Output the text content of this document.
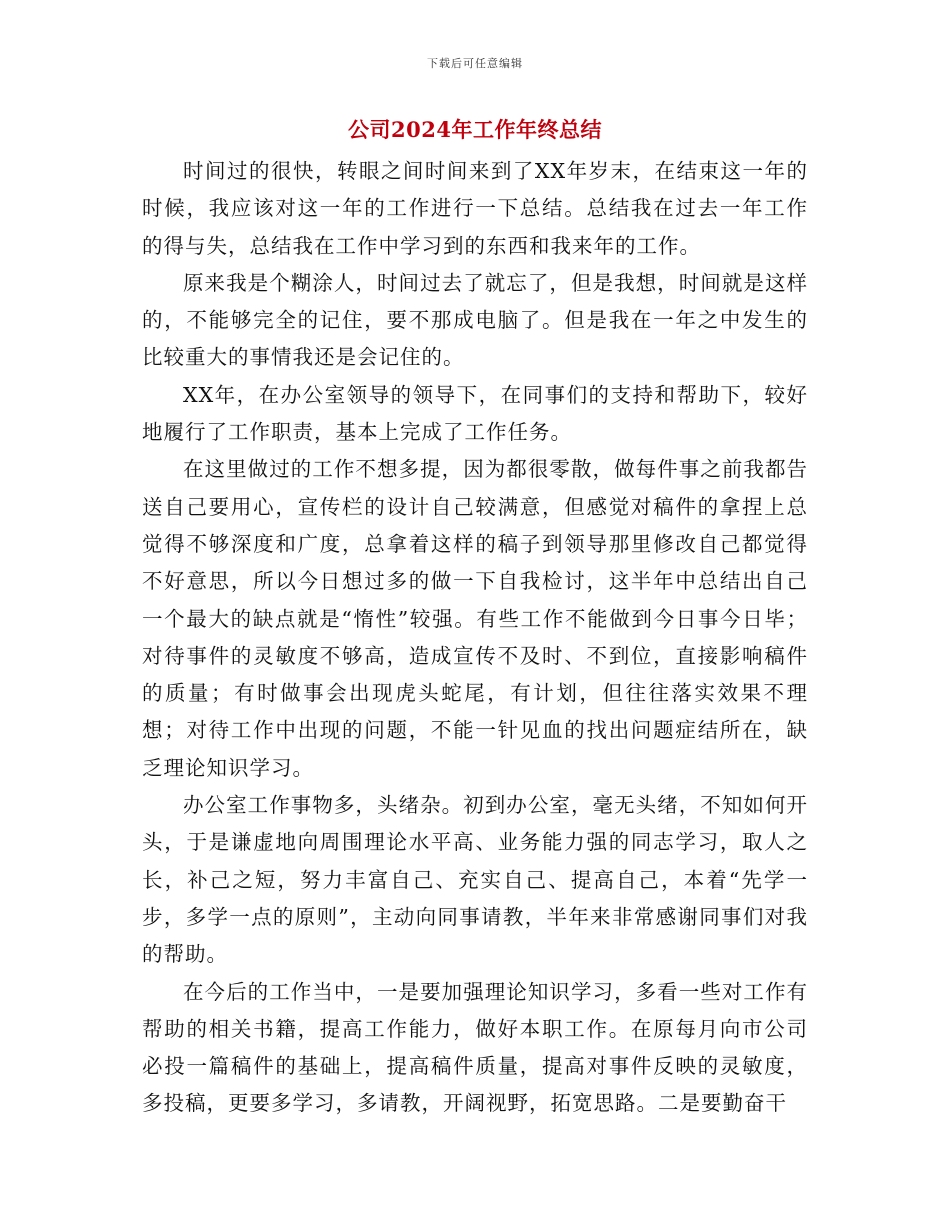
下载后可任意编辑
公司2024年工作年终总结

时间过的很快，转眼之间时间来到了XX年岁末，在结束这一年的时候，我应该对这一年的工作进行一下总结。总结我在过去一年工作的得与失，总结我在工作中学习到的东西和我来年的工作。

原来我是个糊涂人，时间过去了就忘了，但是我想，时间就是这样的，不能够完全的记住，要不那成电脑了。但是我在一年之中发生的比较重大的事情我还是会记住的。

XX年，在办公室领导的领导下，在同事们的支持和帮助下，较好地履行了工作职责，基本上完成了工作任务。

在这里做过的工作不想多提，因为都很零散，做每件事之前我都告送自己要用心，宣传栏的设计自己较满意，但感觉对稿件的拿捏上总觉得不够深度和广度，总拿着这样的稿子到领导那里修改自己都觉得不好意思，所以今日想过多的做一下自我检讨，这半年中总结出自己一个最大的缺点就是“惰性”较强。有些工作不能做到今日事今日毕；对待事件的灵敏度不够高，造成宣传不及时、不到位，直接影响稿件的质量；有时做事会出现虎头蛇尾，有计划，但往往落实效果不理想；对待工作中出现的问题，不能一针见血的找出问题症结所在，缺乏理论知识学习。

办公室工作事物多，头绪杂。初到办公室，毫无头绪，不知如何开头，于是谦虚地向周围理论水平高、业务能力强的同志学习，取人之长，补己之短，努力丰富自己、充实自己、提高自己，本着“先学一步，多学一点的原则”，主动向同事请教，半年来非常感谢同事们对我的帮助。

在今后的工作当中，一是要加强理论知识学习，多看一些对工作有帮助的相关书籍，提高工作能力，做好本职工作。在原每月向市公司必投一篇稿件的基础上，提高稿件质量，提高对事件反映的灵敏度，多投稿，更要多学习，多请教，开阔视野，拓宽思路。二是要勤奋干
